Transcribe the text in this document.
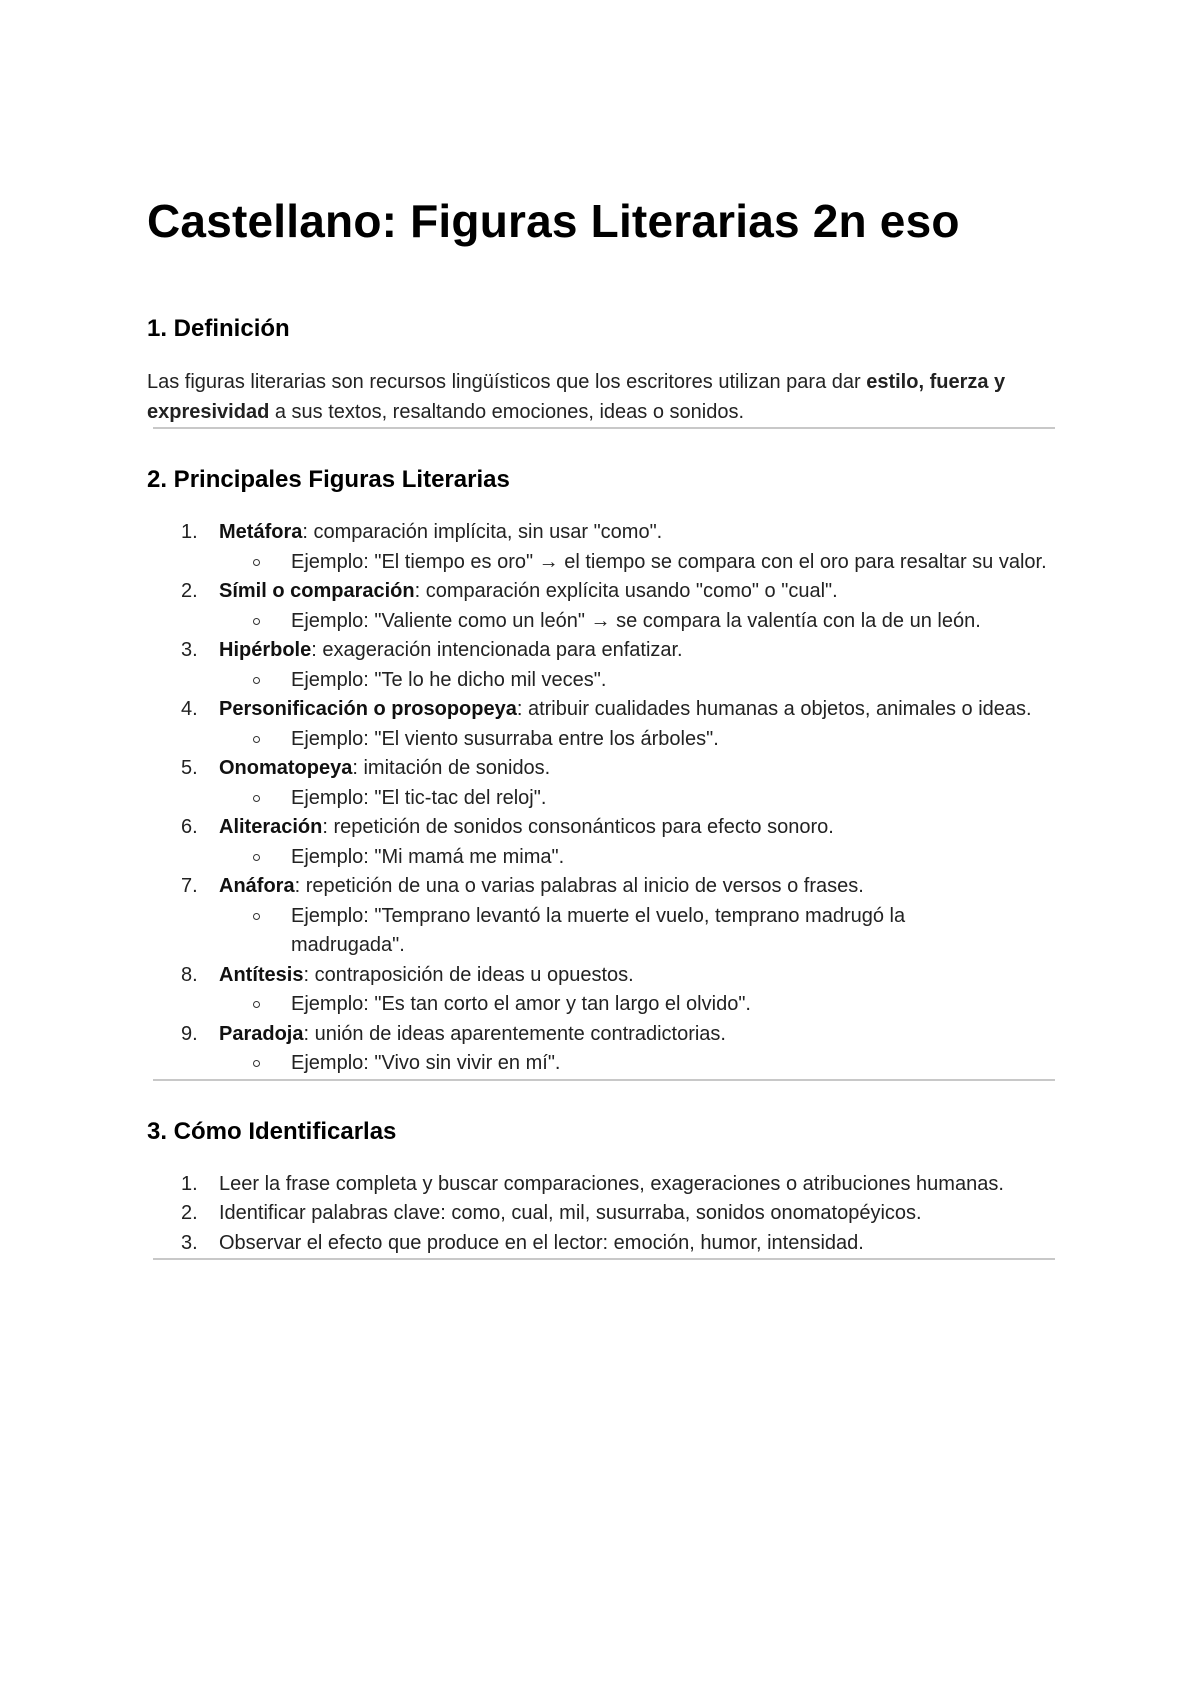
Castellano: Figuras Literarias 2n eso
1. Definición

Las figuras literarias son recursos lingüísticos que los escritores utilizan para dar estilo, fuerza y expresividad a sus textos, resaltando emociones, ideas o sonidos.

2. Principales Figuras Literarias
1. Metáfora: comparación implícita, sin usar "como".
Ejemplo: "El tiempo es oro" → el tiempo se compara con el oro para resaltar su valor.
2. Símil o comparación: comparación explícita usando "como" o "cual".
Ejemplo: "Valiente como un león" → se compara la valentía con la de un león.
3. Hipérbole: exageración intencionada para enfatizar.
Ejemplo: "Te lo he dicho mil veces".
4. Personificación o prosopopeya: atribuir cualidades humanas a objetos, animales o ideas.
Ejemplo: "El viento susurraba entre los árboles".
5. Onomatopeya: imitación de sonidos.
Ejemplo: "El tic-tac del reloj".
6. Aliteración: repetición de sonidos consonánticos para efecto sonoro.
Ejemplo: "Mi mamá me mima".
7. Anáfora: repetición de una o varias palabras al inicio de versos o frases.
Ejemplo: "Temprano levantó la muerte el vuelo, temprano madrugó la madrugada".
8. Antítesis: contraposición de ideas u opuestos.
Ejemplo: "Es tan corto el amor y tan largo el olvido".
9. Paradoja: unión de ideas aparentemente contradictorias.
Ejemplo: "Vivo sin vivir en mí".
3. Cómo Identificarlas
1. Leer la frase completa y buscar comparaciones, exageraciones o atribuciones humanas.
2. Identificar palabras clave: como, cual, mil, susurraba, sonidos onomatopéyicos.
3. Observar el efecto que produce en el lector: emoción, humor, intensidad.
